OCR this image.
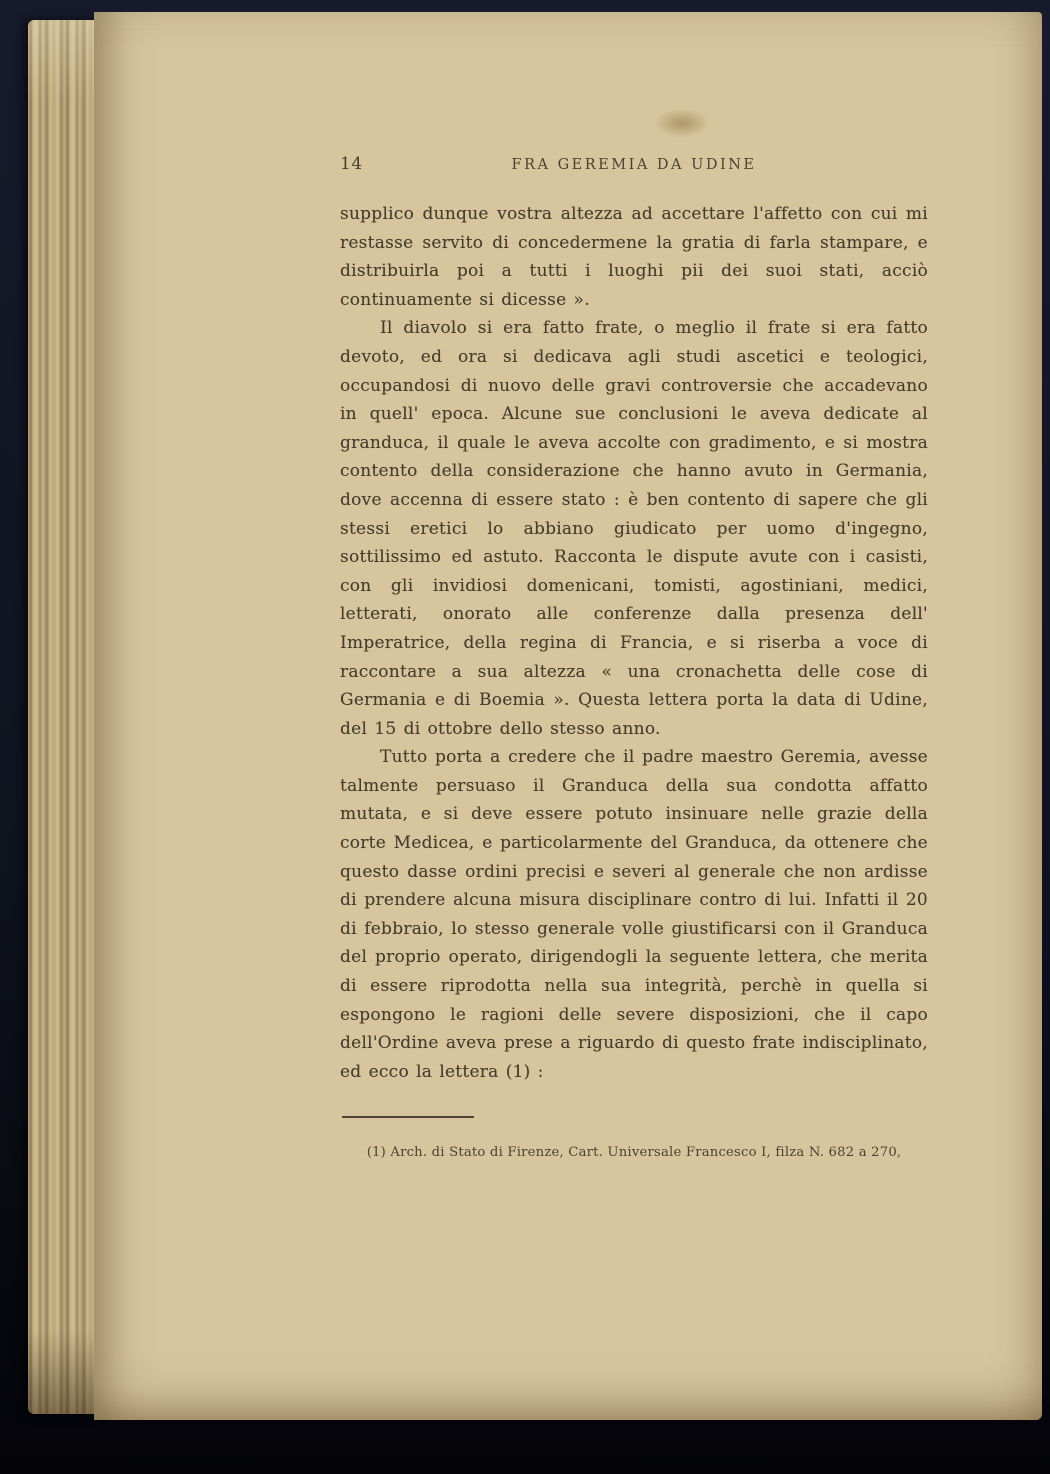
14	FRA GEREMIA DA UDINE

supplico dunque vostra altezza ad accettare l'affetto con cui mi restasse servito di concedermene la gratia di farla stampare, e distribuirla poi a tutti i luoghi pii dei suoi stati, acciò continuamente si dicesse ».

Il diavolo si era fatto frate, o meglio il frate si era fatto devoto, ed ora si dedicava agli studi ascetici e teologici, occupandosi di nuovo delle gravi controversie che accadevano in quell' epoca. Alcune sue conclusioni le aveva dedicate al granduca, il quale le aveva accolte con gradimento, e si mostra contento della considerazione che hanno avuto in Germania, dove accenna di essere stato : è ben contento di sapere che gli stessi eretici lo abbiano giudicato per uomo d'ingegno, sottilissimo ed astuto. Racconta le dispute avute con i casisti, con gli invidiosi domenicani, tomisti, agostiniani, medici, letterati, onorato alle conferenze dalla presenza dell' Imperatrice, della regina di Francia, e si riserba a voce di raccontare a sua altezza « una cronachetta delle cose di Germania e di Boemia ». Questa lettera porta la data di Udine, del 15 di ottobre dello stesso anno.

Tutto porta a credere che il padre maestro Geremia, avesse talmente persuaso il Granduca della sua condotta affatto mutata, e si deve essere potuto insinuare nelle grazie della corte Medicea, e particolarmente del Granduca, da ottenere che questo dasse ordini precisi e severi al generale che non ardisse di prendere alcuna misura disciplinare contro di lui. Infatti il 20 di febbraio, lo stesso generale volle giustificarsi con il Granduca del proprio operato, dirigendogli la seguente lettera, che merita di essere riprodotta nella sua integrità, perchè in quella si espongono le ragioni delle severe disposizioni, che il capo dell'Ordine aveva prese a riguardo di questo frate indisciplinato, ed ecco la lettera (1) :

(1) Arch. di Stato di Firenze, Cart. Universale Francesco I, filza N. 682 a 270,
